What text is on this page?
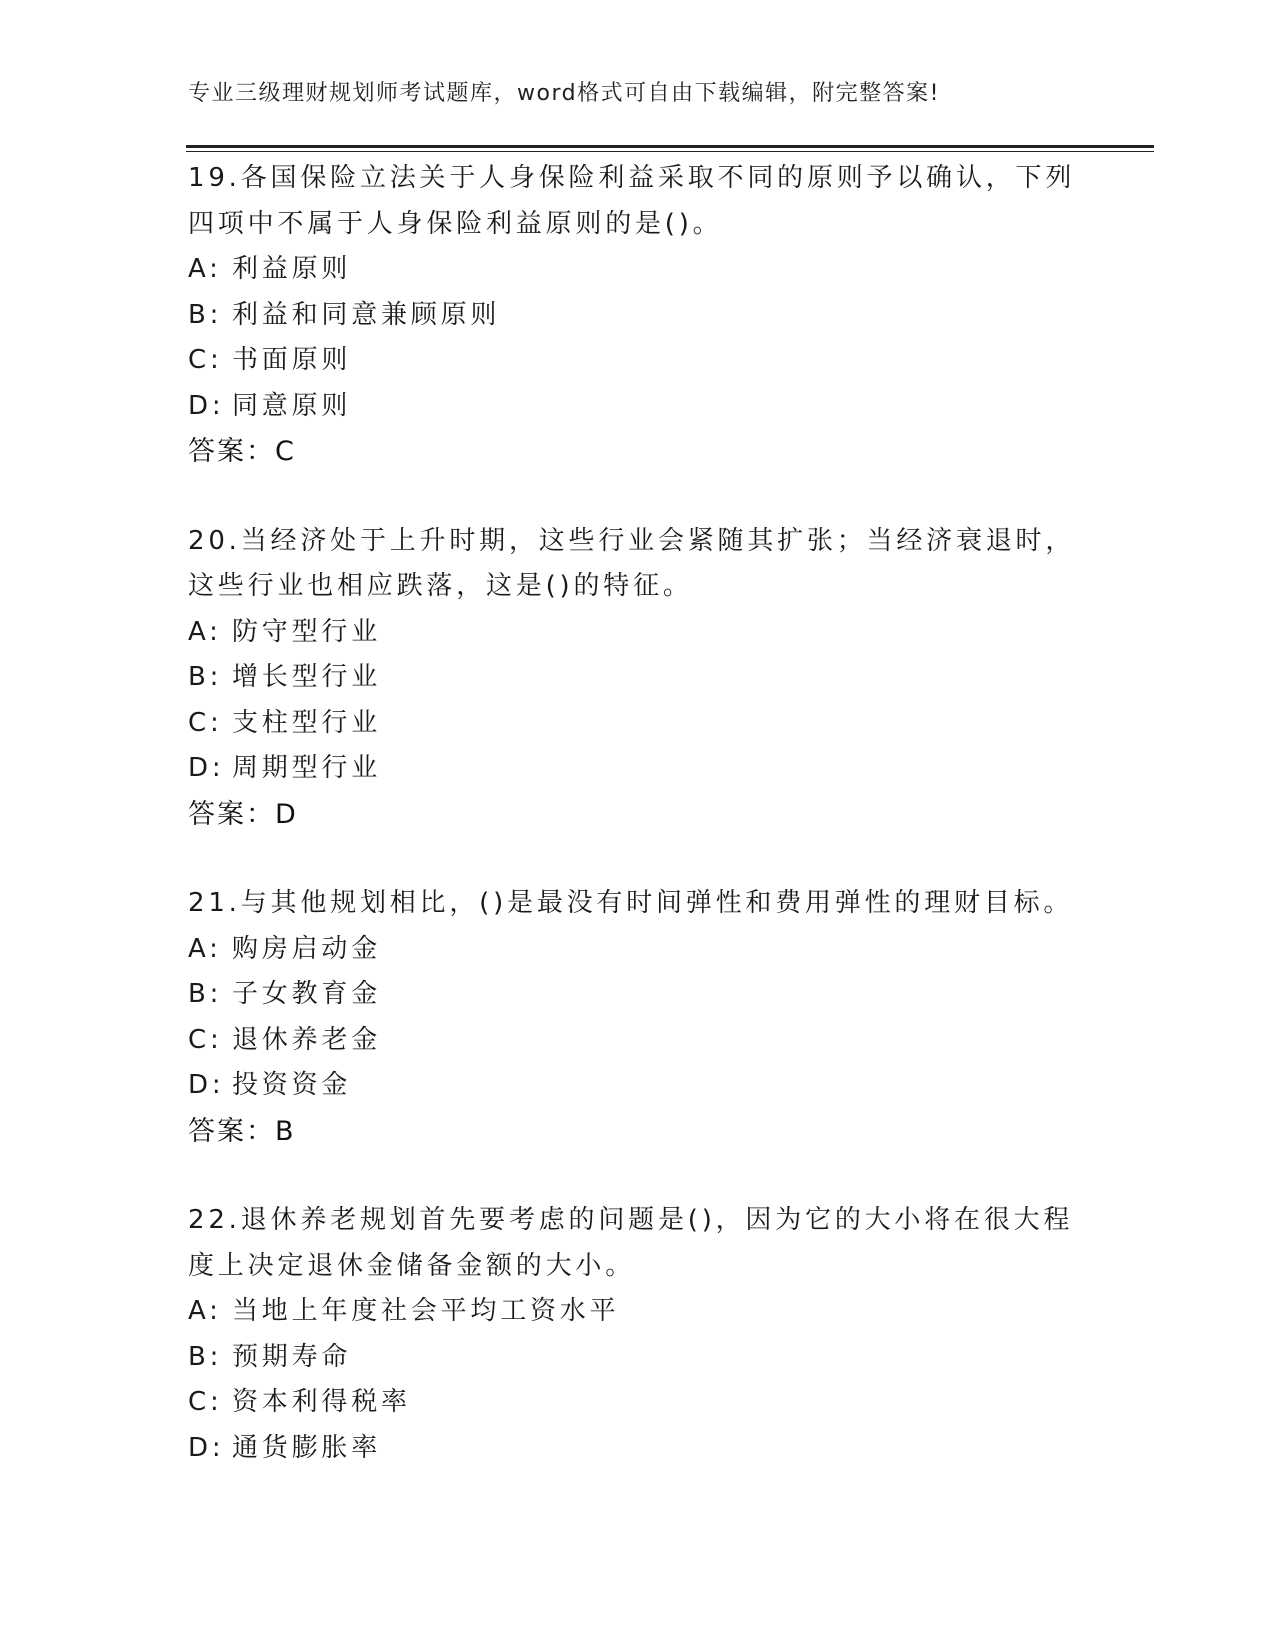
专业三级理财规划师考试题库，word格式可自由下载编辑，附完整答案!
19.各国保险立法关于人身保险利益采取不同的原则予以确认，下列四项中不属于人身保险利益原则的是()。
A: 利益原则
B: 利益和同意兼顾原则
C: 书面原则
D: 同意原则
答案：C
20.当经济处于上升时期，这些行业会紧随其扩张；当经济衰退时，这些行业也相应跌落，这是()的特征。
A: 防守型行业
B: 增长型行业
C: 支柱型行业
D: 周期型行业
答案：D
21.与其他规划相比，()是最没有时间弹性和费用弹性的理财目标。
A: 购房启动金
B: 子女教育金
C: 退休养老金
D: 投资资金
答案：B
22.退休养老规划首先要考虑的问题是()，因为它的大小将在很大程度上决定退休金储备金额的大小。
A: 当地上年度社会平均工资水平
B: 预期寿命
C: 资本利得税率
D: 通货膨胀率
